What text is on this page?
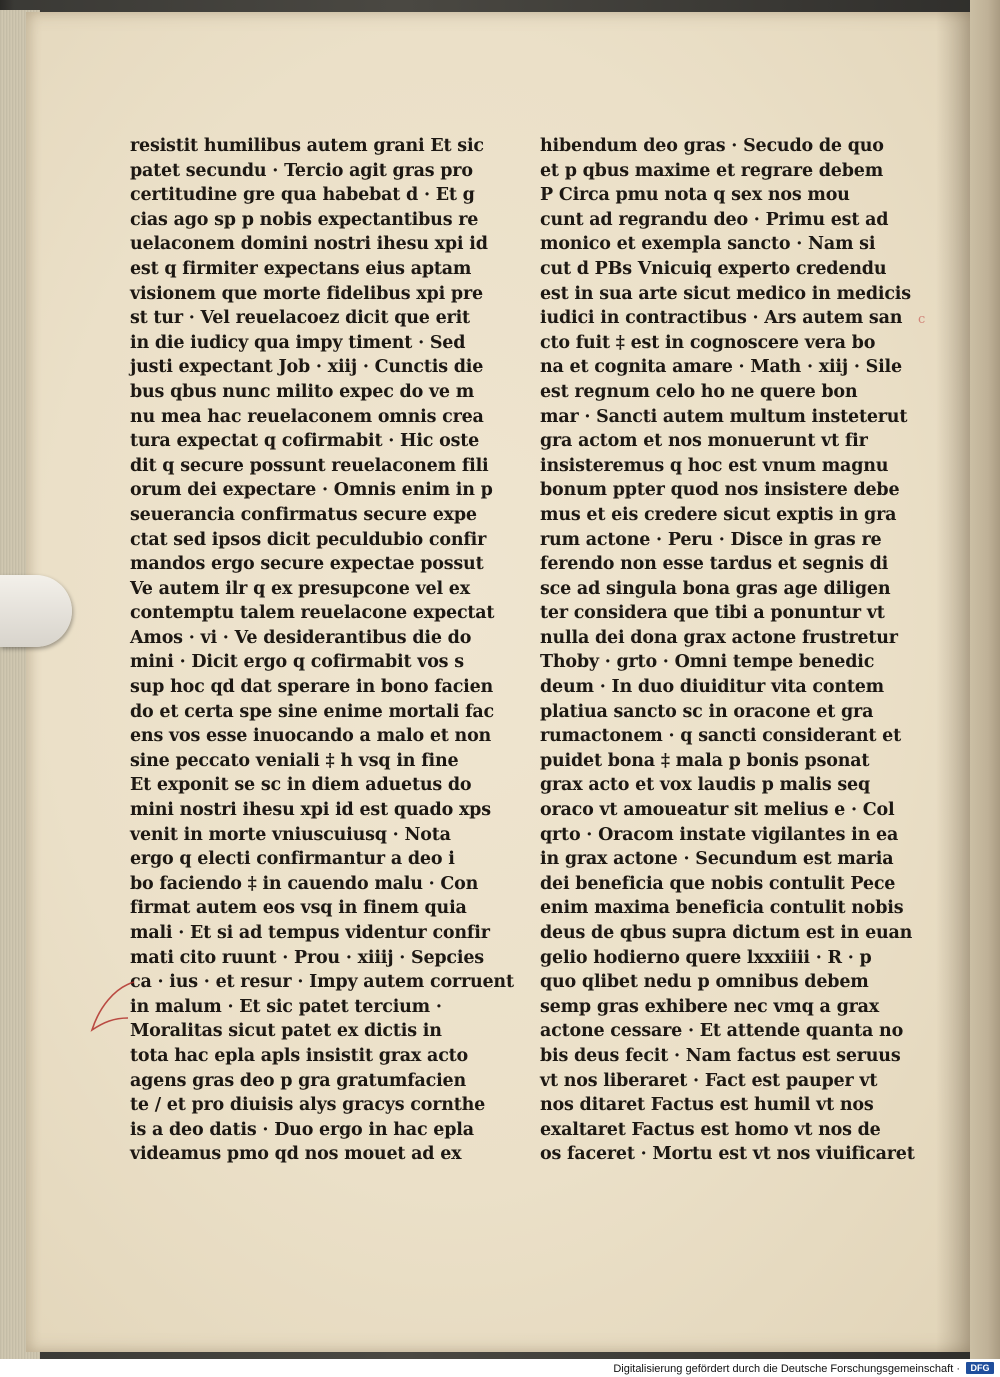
resistit humilibus autem grani Et sic
patet secundu · Tercio agit gras pro
certitudine gre qua habebat d · Et g
cias ago sp p nobis expectantibus re
uelaconem domini nostri ihesu xpi id
est q firmiter expectans eius aptam
visionem que morte fidelibus xpi pre
st tur · Vel reuelacoez dicit que erit
in die iudicy qua impy timent · Sed
justi expectant Job · xiij · Cunctis die
bus qbus nunc milito expec do ve m
nu mea hac reuelaconem omnis crea
tura expectat q cofirmabit · Hic oste
dit q secure possunt reuelaconem fili
orum dei expectare · Omnis enim in p
seuerancia confirmatus secure expe
ctat sed ipsos dicit peculdubio confir
mandos ergo secure expectae possut
Ve autem ilr q ex presupcone vel ex
contemptu talem reuelacone expectat
Amos · vi · Ve desiderantibus die do
mini · Dicit ergo q cofirmabit vos s
sup hoc qd dat sperare in bono facien
do et certa spe sine enime mortali fac
ens vos esse inuocando a malo et non
sine peccato veniali ‡ h vsq in fine
Et exponit se sc in diem aduetus do
mini nostri ihesu xpi id est quado xps
venit in morte vniuscuiusq · Nota
ergo q electi confirmantur a deo i
bo faciendo ‡ in cauendo malu · Con
firmat autem eos vsq in finem quia
mali · Et si ad tempus videntur confir
mati cito ruunt · Prou · xiiij · Sepcies
ca · ius · et resur · Impy autem corruent
in malum · Et sic patet tercium ·
Moralitas sicut patet ex dictis in
tota hac epla apls insistit grax acto
agens gras deo p gra gratumfacien
te / et pro diuisis alys gracys cornthe
is a deo datis · Duo ergo in hac epla
videamus pmo qd nos mouet ad ex
hibendum deo gras · Secudo de quo
et p qbus maxime et regrare debem
P Circa pmu nota q sex nos mou
cunt ad regrandu deo · Primu est ad
monico et exempla sancto · Nam si
cut d PBs Vnicuiq experto credendu
est in sua arte sicut medico in medicis
iudici in contractibus · Ars autem san
cto fuit ‡ est in cognoscere vera bo
na et cognita amare · Math · xiij · Sile
est regnum celo ho ne quere bon
mar · Sancti autem multum insteterut
gra actom et nos monuerunt vt fir
insisteremus q hoc est vnum magnu
bonum ppter quod nos insistere debe
mus et eis credere sicut exptis in gra
rum actone · Peru · Disce in gras re
ferendo non esse tardus et segnis di
sce ad singula bona gras age diligen
ter considera que tibi a ponuntur vt
nulla dei dona grax actone frustretur
Thoby · grto · Omni tempe benedic
deum · In duo diuiditur vita contem
platiua sancto sc in oracone et gra
rumactonem · q sancti considerant et
puidet bona ‡ mala p bonis psonat
grax acto et vox laudis p malis seq
oraco vt amoueatur sit melius e · Col
qrto · Oracom instate vigilantes in ea
in grax actone · Secundum est maria
dei beneficia que nobis contulit Pece
enim maxima beneficia contulit nobis
deus de qbus supra dictum est in euan
gelio hodierno quere lxxxiiii · R · p
quo qlibet nedu p omnibus debem
semp gras exhibere nec vmq a grax
actone cessare · Et attende quanta no
bis deus fecit · Nam factus est seruus
vt nos liberaret · Fact est pauper vt
nos ditaret Factus est humil vt nos
exaltaret Factus est homo vt nos de
os faceret · Mortu est vt nos viuificaret
c
Digitalisierung gefördert durch die Deutsche Forschungsgemeinschaft ·	DFG
